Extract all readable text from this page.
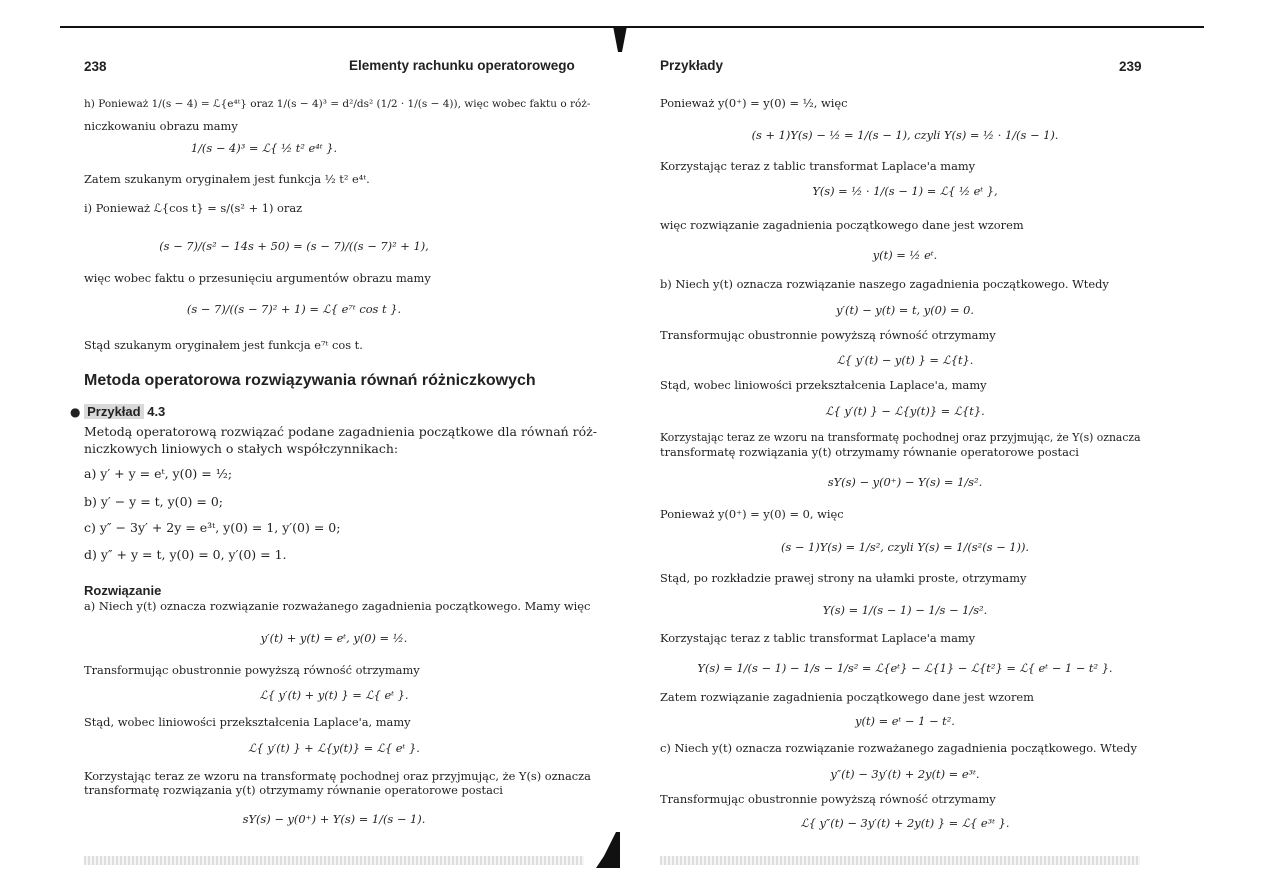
238	Elementy rachunku operatorowego
h) Ponieważ 1/(s − 4) = ℒ{e⁴ᵗ} oraz 1/(s − 4)³ = d²/ds² (1/2 · 1/(s − 4)), więc wobec faktu o róż-
niczkowaniu obrazu mamy
1/(s − 4)³ = ℒ{ ½ t² e⁴ᵗ }.
Zatem szukanym oryginałem jest funkcja ½ t² e⁴ᵗ.
i) Ponieważ ℒ{cos t} = s/(s² + 1) oraz
(s − 7)/(s² − 14s + 50) = (s − 7)/((s − 7)² + 1),
więc wobec faktu o przesunięciu argumentów obrazu mamy
(s − 7)/((s − 7)² + 1) = ℒ{ e⁷ᵗ cos t }.
Stąd szukanym oryginałem jest funkcja e⁷ᵗ cos t.
Metoda operatorowa rozwiązywania równań różniczkowych
● Przykład 4.3
Metodą operatorową rozwiązać podane zagadnienia początkowe dla równań róż-
niczkowych liniowych o stałych współczynnikach:
a) y′ + y = eᵗ, y(0) = ½;
b) y′ − y = t, y(0) = 0;
c) y″ − 3y′ + 2y = e³ᵗ, y(0) = 1, y′(0) = 0;
d) y″ + y = t, y(0) = 0, y′(0) = 1.
Rozwiązanie
a) Niech y(t) oznacza rozwiązanie rozważanego zagadnienia początkowego. Mamy więc
y′(t) + y(t) = eᵗ, y(0) = ½.
Transformując obustronnie powyższą równość otrzymamy
ℒ{ y′(t) + y(t) } = ℒ{ eᵗ }.
Stąd, wobec liniowości przekształcenia Laplace'a, mamy
ℒ{ y′(t) } + ℒ{y(t)} = ℒ{ eᵗ }.
Korzystając teraz ze wzoru na transformatę pochodnej oraz przyjmując, że Y(s) oznacza
transformatę rozwiązania y(t) otrzymamy równanie operatorowe postaci
sY(s) − y(0⁺) + Y(s) = 1/(s − 1).
Przykłady	239
Ponieważ y(0⁺) = y(0) = ½, więc
(s + 1)Y(s) − ½ = 1/(s − 1), czyli Y(s) = ½ · 1/(s − 1).
Korzystając teraz z tablic transformat Laplace'a mamy
Y(s) = ½ · 1/(s − 1) = ℒ{ ½ eᵗ },
więc rozwiązanie zagadnienia początkowego dane jest wzorem
y(t) = ½ eᵗ.
b) Niech y(t) oznacza rozwiązanie naszego zagadnienia początkowego. Wtedy
y′(t) − y(t) = t, y(0) = 0.
Transformując obustronnie powyższą równość otrzymamy
ℒ{ y′(t) − y(t) } = ℒ{t}.
Stąd, wobec liniowości przekształcenia Laplace'a, mamy
ℒ{ y′(t) } − ℒ{y(t)} = ℒ{t}.
Korzystając teraz ze wzoru na transformatę pochodnej oraz przyjmując, że Y(s) oznacza
transformatę rozwiązania y(t) otrzymamy równanie operatorowe postaci
sY(s) − y(0⁺) − Y(s) = 1/s².
Ponieważ y(0⁺) = y(0) = 0, więc
(s − 1)Y(s) = 1/s², czyli Y(s) = 1/(s²(s − 1)).
Stąd, po rozkładzie prawej strony na ułamki proste, otrzymamy
Y(s) = 1/(s − 1) − 1/s − 1/s².
Korzystając teraz z tablic transformat Laplace'a mamy
Y(s) = 1/(s − 1) − 1/s − 1/s² = ℒ{eᵗ} − ℒ{1} − ℒ{t²} = ℒ{ eᵗ − 1 − t² }.
Zatem rozwiązanie zagadnienia początkowego dane jest wzorem
y(t) = eᵗ − 1 − t².
c) Niech y(t) oznacza rozwiązanie rozważanego zagadnienia początkowego. Wtedy
y″(t) − 3y′(t) + 2y(t) = e³ᵗ.
Transformując obustronnie powyższą równość otrzymamy
ℒ{ y″(t) − 3y′(t) + 2y(t) } = ℒ{ e³ᵗ }.
